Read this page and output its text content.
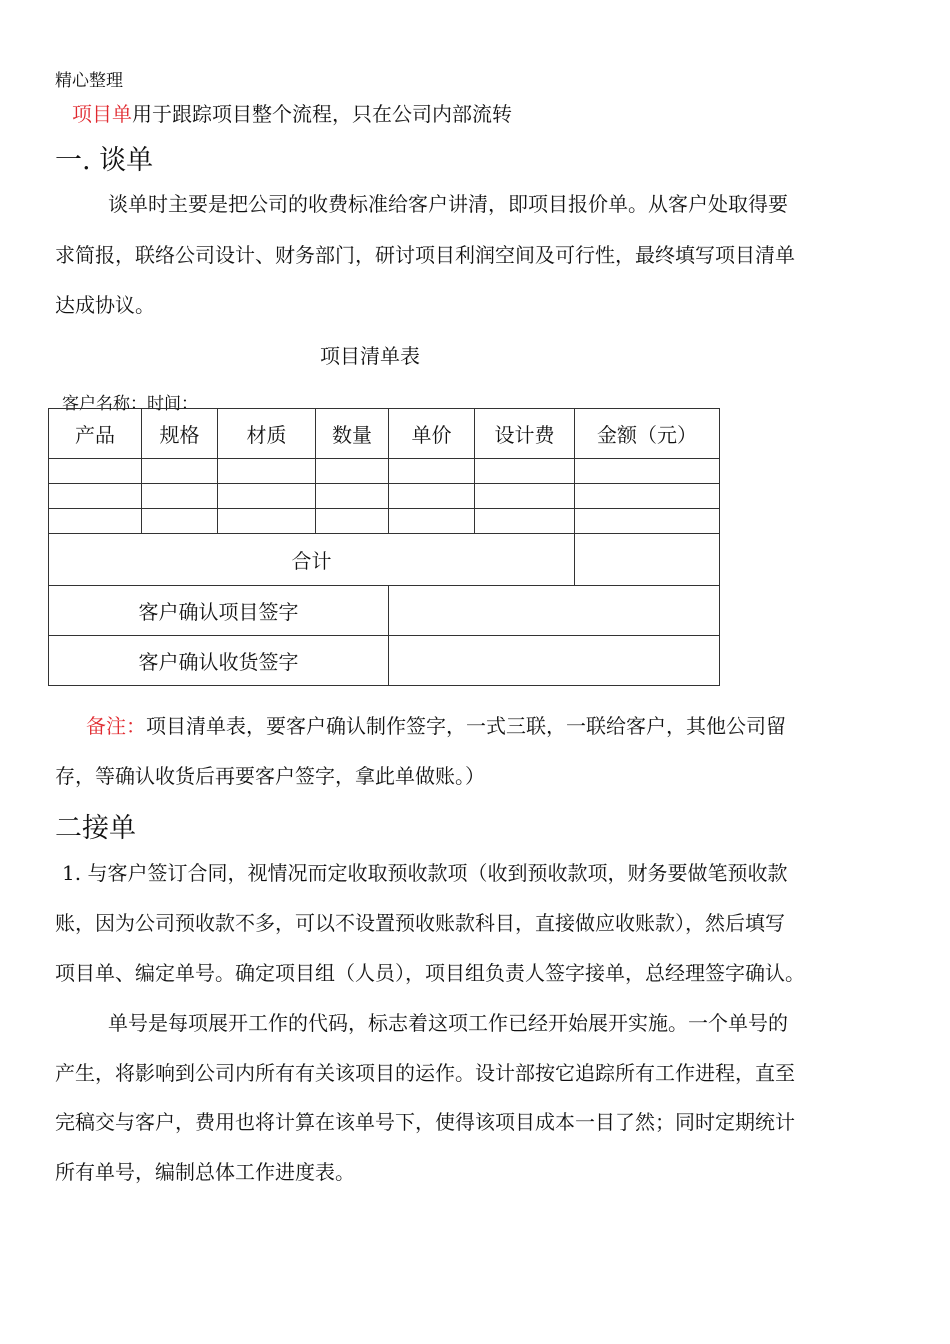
精心整理
项目单用于跟踪项目整个流程，只在公司内部流转
一. 谈单
谈单时主要是把公司的收费标准给客户讲清，即项目报价单。从客户处取得要
求简报，联络公司设计、财务部门，研讨项目利润空间及可行性，最终填写项目清单
达成协议。
项目清单表
客户名称：时间：
产品	规格	材质	数量	单价	设计费	金额（元）

合计						
客户确认项目签字						
客户确认收货签字						
备注：项目清单表，要客户确认制作签字，一式三联，一联给客户，其他公司留
存，等确认收货后再要客户签字，拿此单做账。）
二接单
1. 与客户签订合同，视情况而定收取预收款项（收到预收款项，财务要做笔预收款
账，因为公司预收款不多，可以不设置预收账款科目，直接做应收账款），然后填写
项目单、编定单号。确定项目组（人员），项目组负责人签字接单，总经理签字确认。
单号是每项展开工作的代码，标志着这项工作已经开始展开实施。一个单号的
产生，将影响到公司内所有有关该项目的运作。设计部按它追踪所有工作进程，直至
完稿交与客户，费用也将计算在该单号下，使得该项目成本一目了然；同时定期统计
所有单号，编制总体工作进度表。
